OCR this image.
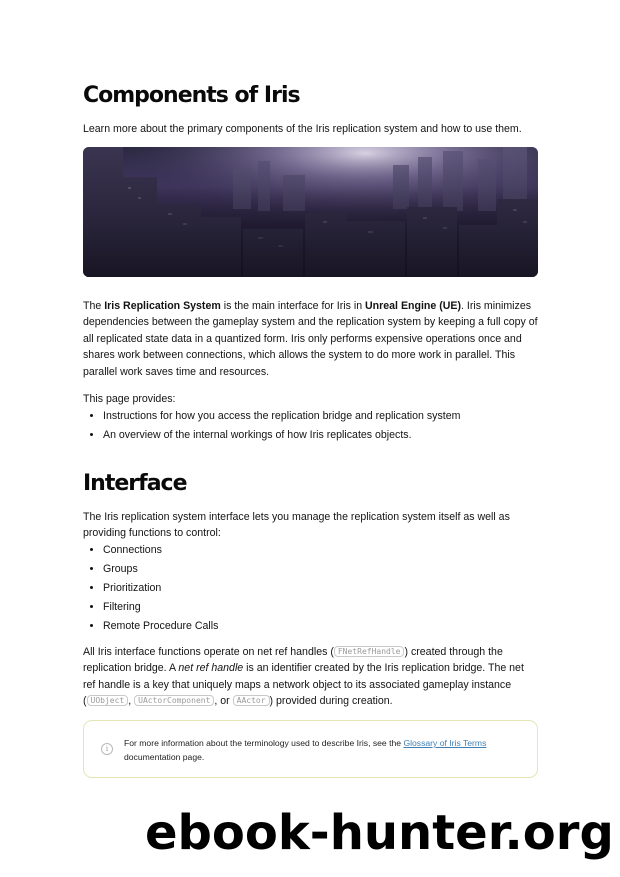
Components of Iris

Learn more about the primary components of the Iris replication system and how to use them.

The Iris Replication System is the main interface for Iris in Unreal Engine (UE). Iris minimizes dependencies between the gameplay system and the replication system by keeping a full copy of all replicated state data in a quantized form. Iris only performs expensive operations once and shares work between connections, which allows the system to do more work in parallel. This parallel work saves time and resources.

This page provides:

• Instructions for how you access the replication bridge and replication system
• An overview of the internal workings of how Iris replicates objects.
Interface

The Iris replication system interface lets you manage the replication system itself as well as providing functions to control:

• Connections
• Groups
• Prioritization
• Filtering
• Remote Procedure Calls

All Iris interface functions operate on net ref handles ( FNetRefHandle ) created through the replication bridge. A net ref handle is an identifier created by the Iris replication bridge. The net ref handle is a key that uniquely maps a network object to its associated gameplay instance ( UObject , UActorComponent , or AActor ) provided during creation.

i
For more information about the terminology used to describe Iris, see the Glossary of Iris Terms documentation page.
ebook-hunter.org
